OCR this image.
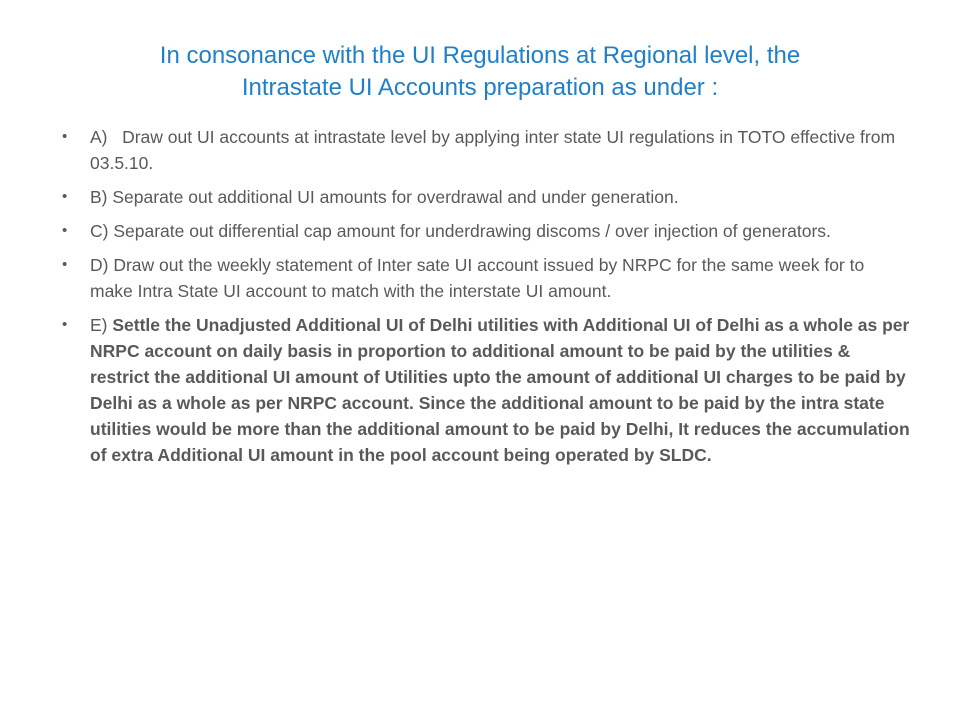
In consonance with the UI Regulations at Regional level, the
Intrastate UI Accounts preparation as under :
• A)   Draw out UI accounts at intrastate level by applying inter state UI regulations in TOTO effective from 03.5.10.
• B) Separate out additional UI amounts for overdrawal and under generation.
• C) Separate out differential cap amount for underdrawing discoms / over injection of generators.
• D) Draw out the weekly statement of Inter sate UI account issued by NRPC for the same week for to make Intra State UI account to match with the interstate UI amount.
• E) Settle the Unadjusted Additional UI of Delhi utilities with Additional UI of Delhi as a whole as per NRPC account on daily basis in proportion to additional amount to be paid by the utilities & restrict the additional UI amount of Utilities upto the amount of additional UI charges to be paid by Delhi as a whole as per NRPC account. Since the additional amount to be paid by the intra state utilities would be more than the additional amount to be paid by Delhi, It reduces the accumulation of extra Additional UI amount in the pool account being operated by SLDC.
